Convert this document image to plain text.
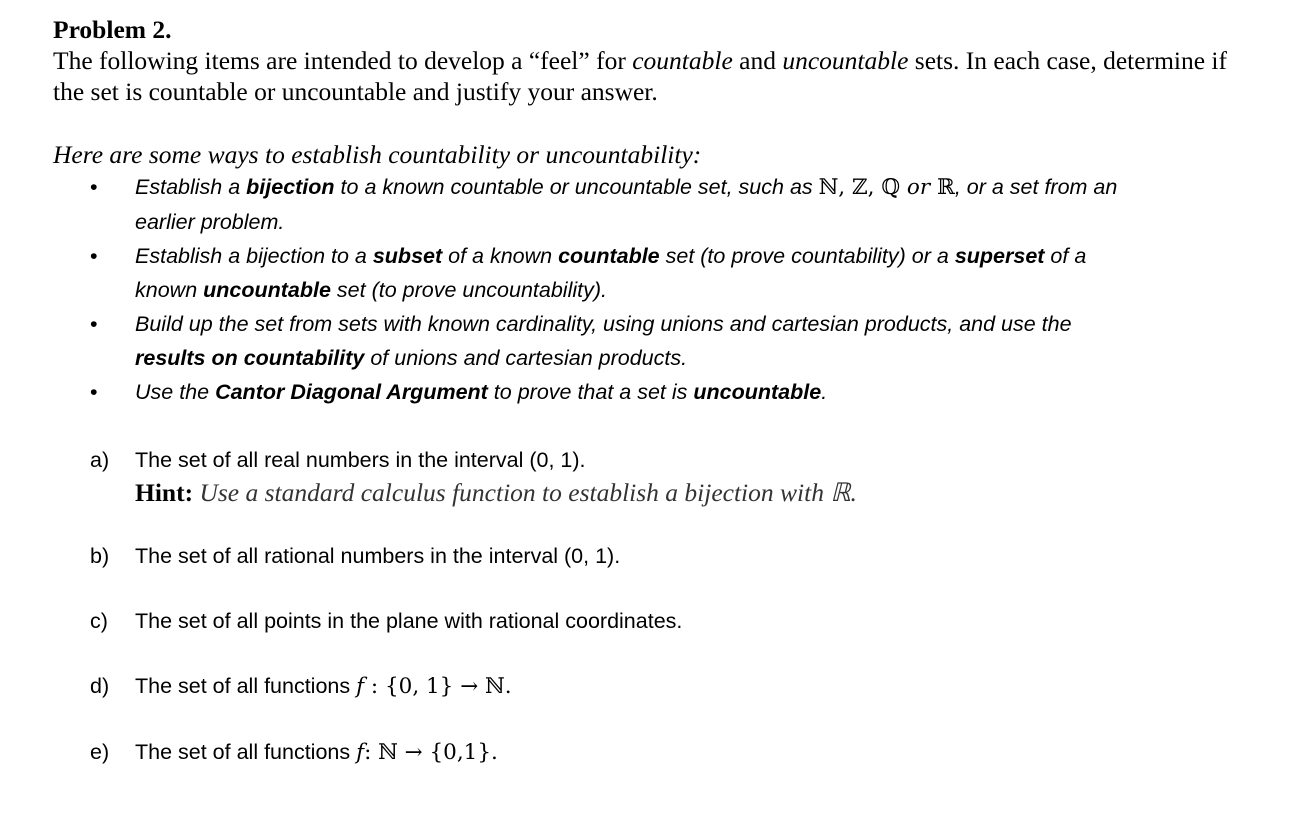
Problem 2.

The following items are intended to develop a “feel” for countable and uncountable sets. In each case, determine if the set is countable or uncountable and justify your answer.

Here are some ways to establish countability or uncountability:
• Establish a bijection to a known countable or uncountable set, such as ℕ, ℤ, ℚ or ℝ, or a set from an earlier problem.
• Establish a bijection to a subset of a known countable set (to prove countability) or a superset of a known uncountable set (to prove uncountability).
• Build up the set from sets with known cardinality, using unions and cartesian products, and use the results on countability of unions and cartesian products.
• Use the Cantor Diagonal Argument to prove that a set is uncountable.
a) The set of all real numbers in the interval (0, 1).
Hint: Use a standard calculus function to establish a bijection with ℝ.
b) The set of all rational numbers in the interval (0, 1).
c) The set of all points in the plane with rational coordinates.
d) The set of all functions f : {0, 1} → ℕ.
e) The set of all functions f: ℕ → {0,1}.
